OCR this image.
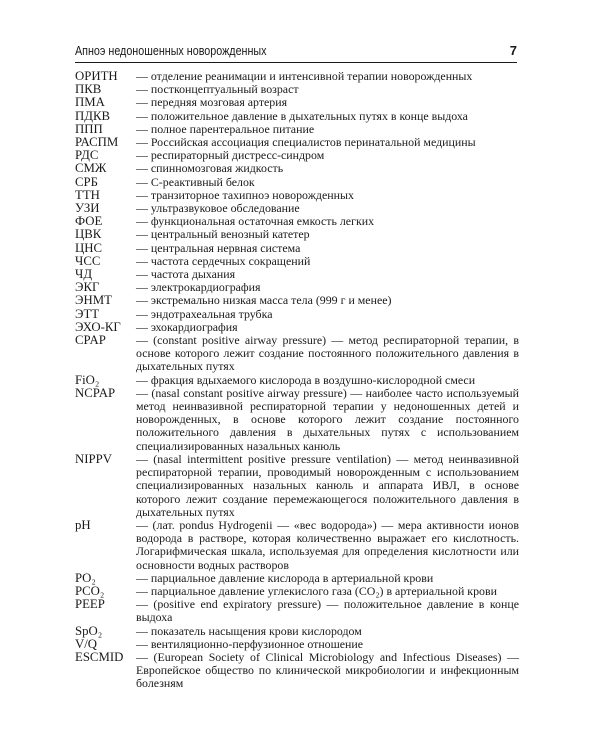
Апноэ недоношенных новорожденных	7
ОРИТН	— отделение реанимации и интенсивной терапии новорожденных
ПКВ	— постконцептуальный возраст
ПМА	— передняя мозговая артерия
ПДКВ	— положительное давление в дыхательных путях в конце выдоха
ППП	— полное парентеральное питание
РАСПМ	— Российская ассоциация специалистов перинатальной медицины
РДС	— респираторный дистресс-синдром
СМЖ	— спинномозговая жидкость
СРБ	— С-реактивный белок
ТТН	— транзиторное тахипноэ новорожденных
УЗИ	— ультразвуковое обследование
ФОЕ	— функциональная остаточная емкость легких
ЦВК	— центральный венозный катетер
ЦНС	— центральная нервная система
ЧСС	— частота сердечных сокращений
ЧД	— частота дыхания
ЭКГ	— электрокардиография
ЭНМТ	— экстремально низкая масса тела (999 г и менее)
ЭТТ	— эндотрахеальная трубка
ЭХО-КГ	— эхокардиография
CPAP	— (constant positive airway pressure) — метод респираторной терапии, в основе которого лежит создание постоянного положительного давления в дыхательных путях
FiO₂	— фракция вдыхаемого кислорода в воздушно-кислородной смеси
NCPAP	— (nasal constant positive airway pressure) — наиболее часто используемый метод неинвазивной респираторной терапии у недоношенных детей и новорожденных, в основе которого лежит создание постоянного положительного давления в дыхательных путях с использованием специализированных назальных канюль
NIPPV	— (nasal intermittent positive pressure ventilation) — метод неинвазивной респираторной терапии, проводимый новорожденным с использованием специализированных назальных канюль и аппарата ИВЛ, в основе которого лежит создание перемежающегося положительного давления в дыхательных путях
pH	— (лат. pondus Hydrogenii — «вес водорода») — мера активности ионов водорода в растворе, которая количественно выражает его кислотность. Логарифмическая шкала, используемая для определения кислотности или основности водных растворов
PO₂	— парциальное давление кислорода в артериальной крови
PCO₂	— парциальное давление углекислого газа (CO₂) в артериальной крови
PEEP	— (positive end expiratory pressure) — положительное давление в конце выдоха
SpO₂	— показатель насыщения крови кислородом
V/Q	— вентиляционно-перфузионное отношение
ESCMID	— (European Society of Clinical Microbiology and Infectious Diseases) — Европейское общество по клинической микробиологии и инфекционным болезням
